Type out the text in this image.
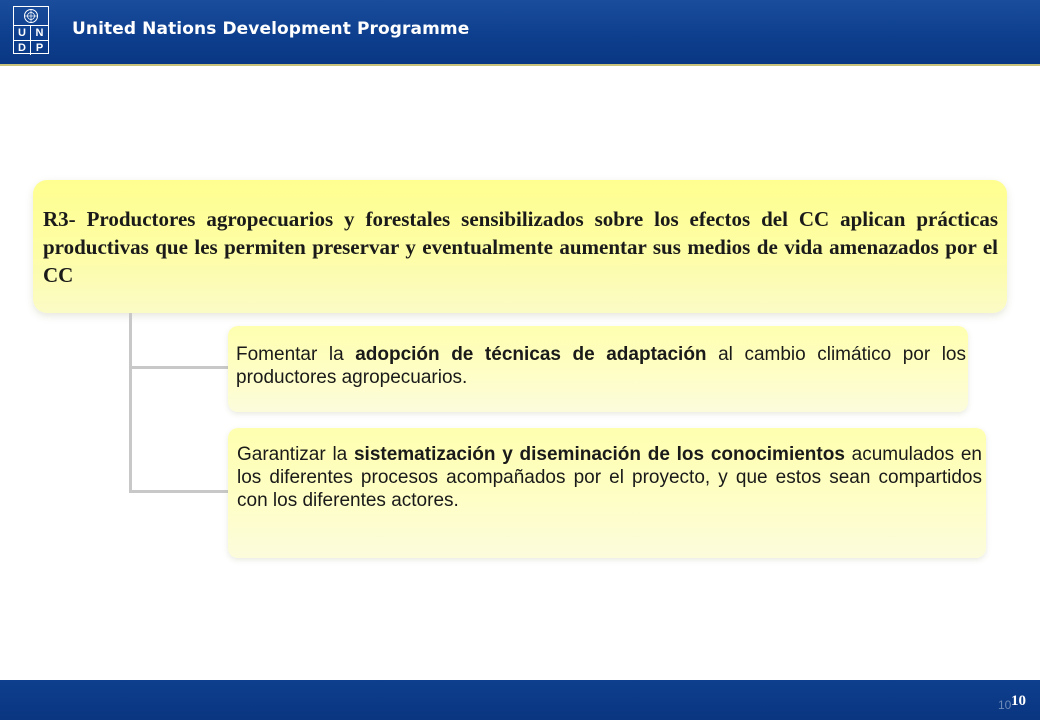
U N
D P
United Nations Development Programme
R3- Productores agropecuarios y forestales sensibilizados sobre los efectos del CC aplican prácticas productivas que les permiten preservar y eventualmente aumentar sus medios de vida amenazados por el CC
Fomentar la adopción de técnicas de adaptación al cambio climático por los productores agropecuarios.
Garantizar la sistematización y diseminación de los conocimientos acumulados en los diferentes procesos acompañados por el proyecto, y que estos sean compartidos con los diferentes actores.
10 10
